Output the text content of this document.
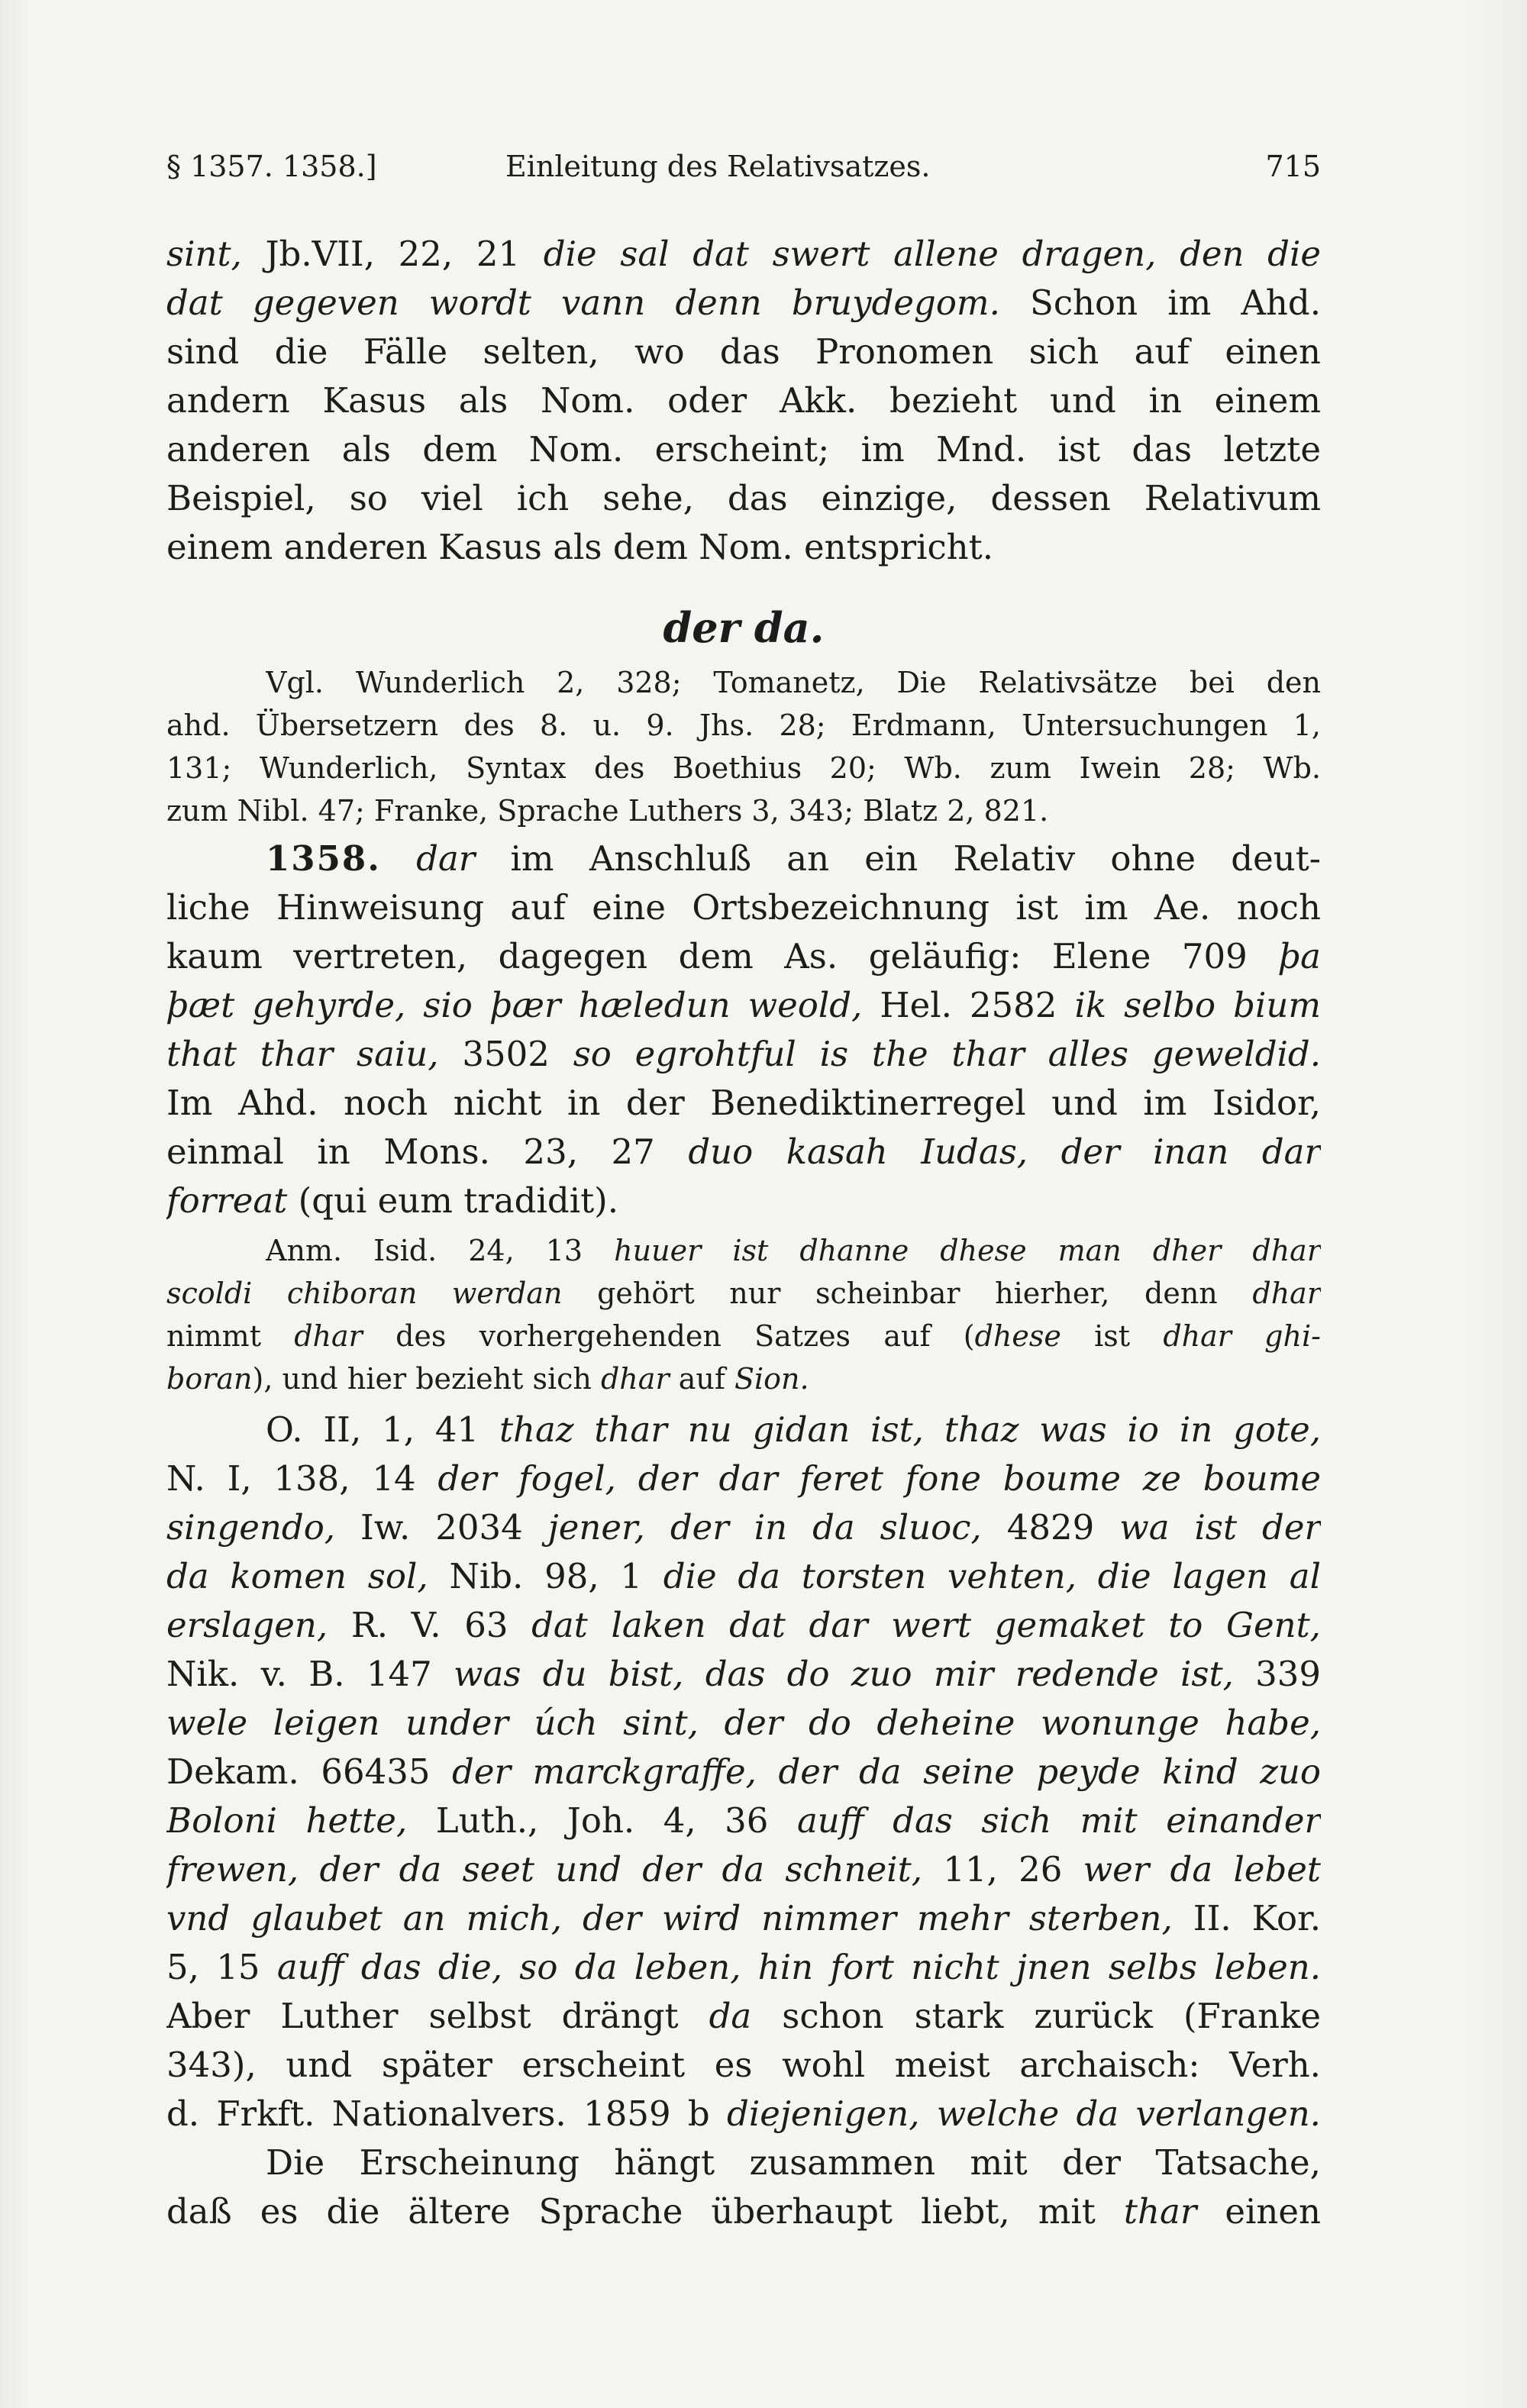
§ 1357. 1358.]	Einleitung des Relativsatzes.	715
sint, Jb.VII, 22, 21 die sal dat swert allene dragen, den die
dat gegeven wordt vann denn bruydegom. Schon im Ahd.
sind die Fälle selten, wo das Pronomen sich auf einen
andern Kasus als Nom. oder Akk. bezieht und in einem
anderen als dem Nom. erscheint; im Mnd. ist das letzte
Beispiel, so viel ich sehe, das einzige, dessen Relativum
einem anderen Kasus als dem Nom. entspricht.
der da.
Vgl. Wunderlich 2, 328; Tomanetz, Die Relativsätze bei den
ahd. Übersetzern des 8. u. 9. Jhs. 28; Erdmann, Untersuchungen 1,
131; Wunderlich, Syntax des Boethius 20; Wb. zum Iwein 28; Wb.
zum Nibl. 47; Franke, Sprache Luthers 3, 343; Blatz 2, 821.
1358. dar im Anschluß an ein Relativ ohne deut-
liche Hinweisung auf eine Ortsbezeichnung ist im Ae. noch
kaum vertreten, dagegen dem As. geläufig: Elene 709 þa
þæt gehyrde, sio þær hæledun weold, Hel. 2582 ik selbo bium
that thar saiu, 3502 so egrohtful is the thar alles geweldid.
Im Ahd. noch nicht in der Benediktinerregel und im Isidor,
einmal in Mons. 23, 27 duo kasah Iudas, der inan dar
forreat (qui eum tradidit).
Anm. Isid. 24, 13 huuer ist dhanne dhese man dher dhar
scoldi chiboran werdan gehört nur scheinbar hierher, denn dhar
nimmt dhar des vorhergehenden Satzes auf (dhese ist dhar ghi-
boran), und hier bezieht sich dhar auf Sion.
O. II, 1, 41 thaz thar nu gidan ist, thaz was io in gote,
N. I, 138, 14 der fogel, der dar feret fone boume ze boume
singendo, Iw. 2034 jener, der in da sluoc, 4829 wa ist der
da komen sol, Nib. 98, 1 die da torsten vehten, die lagen al
erslagen, R. V. 63 dat laken dat dar wert gemaket to Gent,
Nik. v. B. 147 was du bist, das do zuo mir redende ist, 339
wele leigen under úch sint, der do deheine wonunge habe,
Dekam. 66435 der marckgraffe, der da seine peyde kind zuo
Boloni hette, Luth., Joh. 4, 36 auff das sich mit einander
frewen, der da seet und der da schneit, 11, 26 wer da lebet
vnd glaubet an mich, der wird nimmer mehr sterben, II. Kor.
5, 15 auff das die, so da leben, hin fort nicht jnen selbs leben.
Aber Luther selbst drängt da schon stark zurück (Franke
343), und später erscheint es wohl meist archaisch: Verh.
d. Frkft. Nationalvers. 1859 b diejenigen, welche da verlangen.
Die Erscheinung hängt zusammen mit der Tatsache,
daß es die ältere Sprache überhaupt liebt, mit thar einen
